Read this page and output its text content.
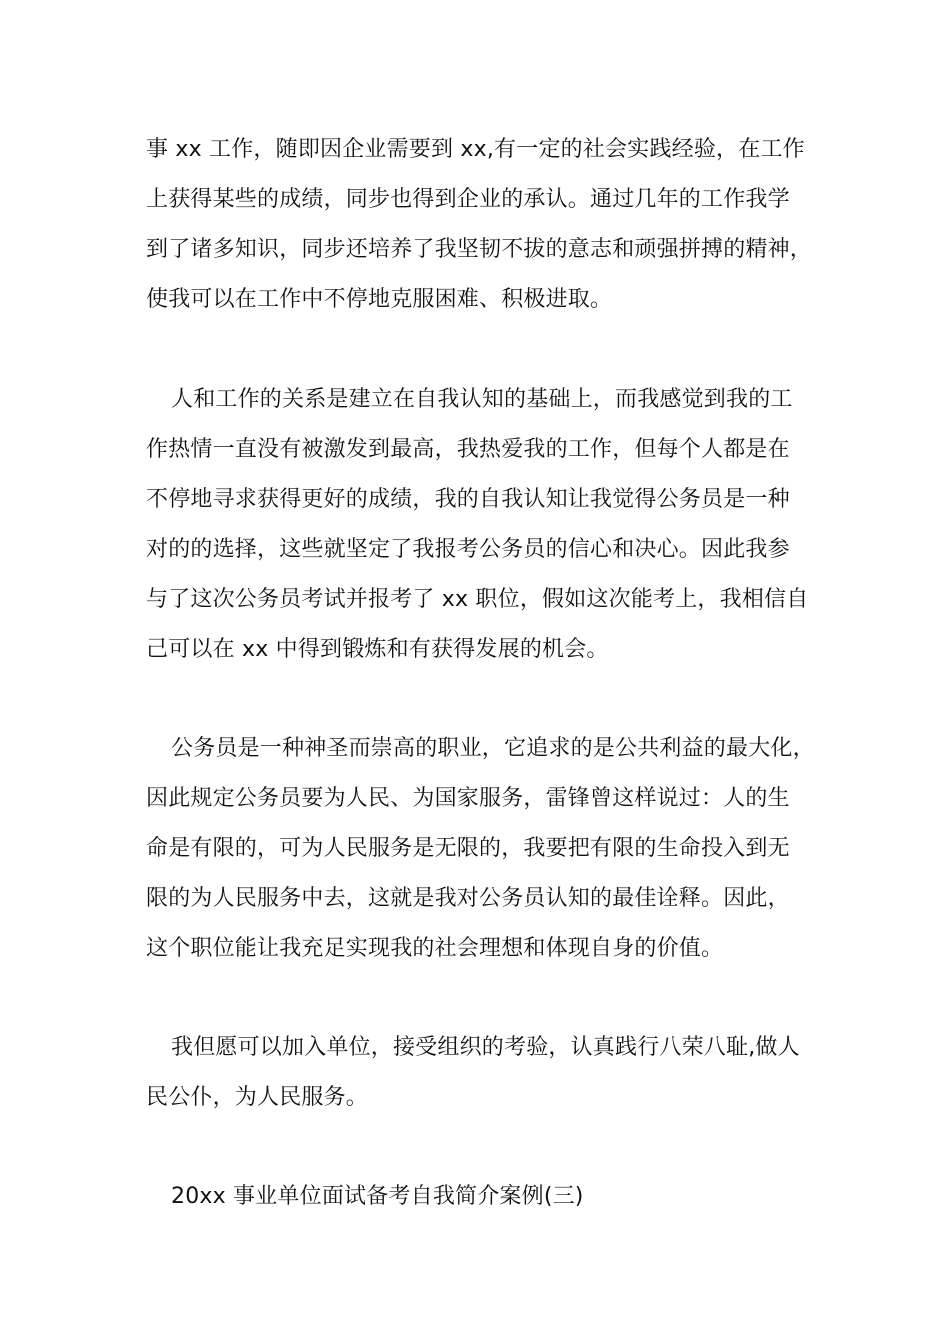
事 xx 工作，随即因企业需要到 xx,有一定的社会实践经验，在工作
上获得某些的成绩，同步也得到企业的承认。通过几年的工作我学
到了诸多知识，同步还培养了我坚韧不拔的意志和顽强拼搏的精神，
使我可以在工作中不停地克服困难、积极进取。
人和工作的关系是建立在自我认知的基础上，而我感觉到我的工
作热情一直没有被激发到最高，我热爱我的工作，但每个人都是在
不停地寻求获得更好的成绩，我的自我认知让我觉得公务员是一种
对的的选择，这些就坚定了我报考公务员的信心和决心。因此我参
与了这次公务员考试并报考了 xx 职位，假如这次能考上，我相信自
己可以在 xx 中得到锻炼和有获得发展的机会。
公务员是一种神圣而崇高的职业，它追求的是公共利益的最大化，
因此规定公务员要为人民、为国家服务，雷锋曾这样说过：人的生
命是有限的，可为人民服务是无限的，我要把有限的生命投入到无
限的为人民服务中去，这就是我对公务员认知的最佳诠释。因此，
这个职位能让我充足实现我的社会理想和体现自身的价值。
我但愿可以加入单位，接受组织的考验，认真践行八荣八耻,做人
民公仆，为人民服务。
20xx 事业单位面试备考自我简介案例(三)
